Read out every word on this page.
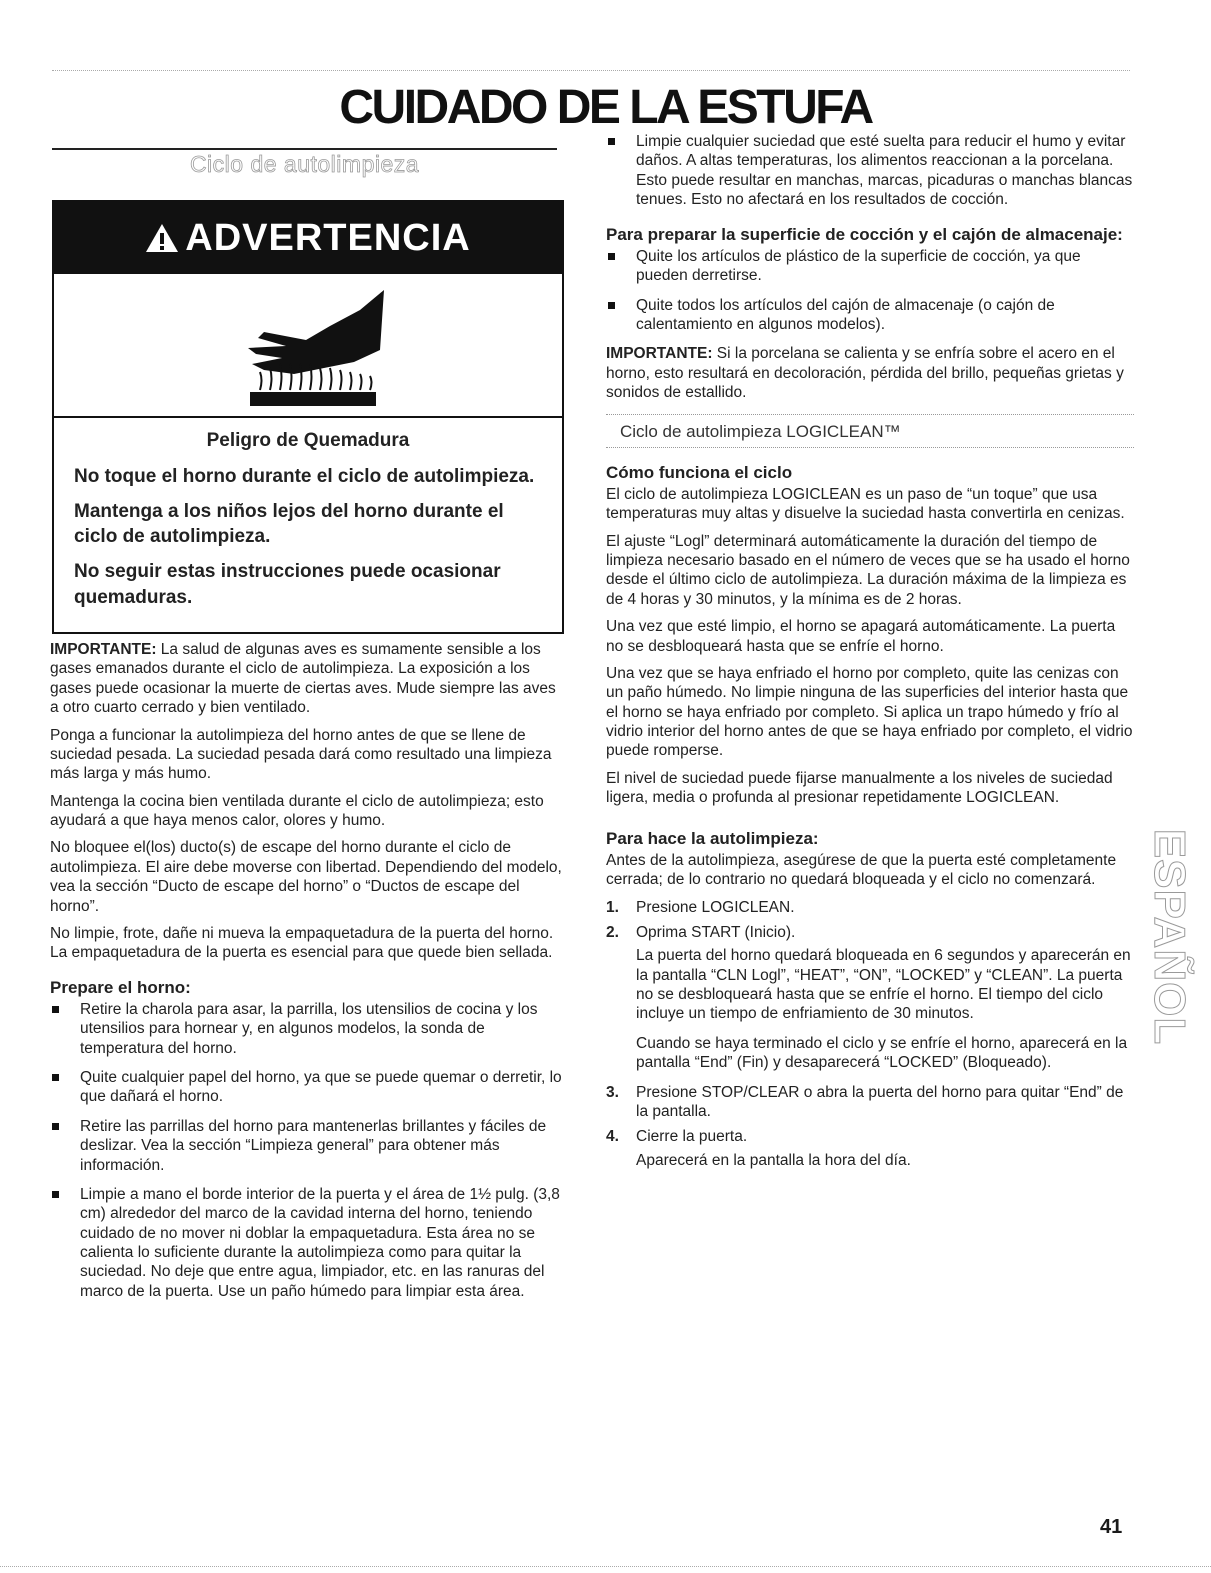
CUIDADO DE LA ESTUFA
Ciclo de autolimpieza
ADVERTENCIA
Peligro de Quemadura

No toque el horno durante el ciclo de autolimpieza.

Mantenga a los niños lejos del horno durante el ciclo de autolimpieza.

No seguir estas instrucciones puede ocasionar quemaduras.

IMPORTANTE: La salud de algunas aves es sumamente sensible a los gases emanados durante el ciclo de autolimpieza. La exposición a los gases puede ocasionar la muerte de ciertas aves. Mude siempre las aves a otro cuarto cerrado y bien ventilado.

Ponga a funcionar la autolimpieza del horno antes de que se llene de suciedad pesada. La suciedad pesada dará como resultado una limpieza más larga y más humo.

Mantenga la cocina bien ventilada durante el ciclo de autolimpieza; esto ayudará a que haya menos calor, olores y humo.

No bloquee el(los) ducto(s) de escape del horno durante el ciclo de autolimpieza. El aire debe moverse con libertad. Dependiendo del modelo, vea la sección “Ducto de escape del horno” o “Ductos de escape del horno”.

No limpie, frote, dañe ni mueva la empaquetadura de la puerta del horno. La empaquetadura de la puerta es esencial para que quede bien sellada.

Prepare el horno:
Retire la charola para asar, la parrilla, los utensilios de cocina y los utensilios para hornear y, en algunos modelos, la sonda de temperatura del horno.
Quite cualquier papel del horno, ya que se puede quemar o derretir, lo que dañará el horno.
Retire las parrillas del horno para mantenerlas brillantes y fáciles de deslizar. Vea la sección “Limpieza general” para obtener más información.
Limpie a mano el borde interior de la puerta y el área de 1½ pulg. (3,8 cm) alrededor del marco de la cavidad interna del horno, teniendo cuidado de no mover ni doblar la empaquetadura. Esta área no se calienta lo suficiente durante la autolimpieza como para quitar la suciedad. No deje que entre agua, limpiador, etc. en las ranuras del marco de la puerta. Use un paño húmedo para limpiar esta área.
Limpie cualquier suciedad que esté suelta para reducir el humo y evitar daños. A altas temperaturas, los alimentos reaccionan a la porcelana. Esto puede resultar en manchas, marcas, picaduras o manchas blancas tenues. Esto no afectará en los resultados de cocción.
Para preparar la superficie de cocción y el cajón de almacenaje:
Quite los artículos de plástico de la superficie de cocción, ya que pueden derretirse.
Quite todos los artículos del cajón de almacenaje (o cajón de calentamiento en algunos modelos).

IMPORTANTE: Si la porcelana se calienta y se enfría sobre el acero en el horno, esto resultará en decoloración, pérdida del brillo, pequeñas grietas y sonidos de estallido.

Ciclo de autolimpieza LOGICLEAN™
Cómo funciona el ciclo

El ciclo de autolimpieza LOGICLEAN es un paso de “un toque” que usa temperaturas muy altas y disuelve la suciedad hasta convertirla en cenizas.

El ajuste “Logl” determinará automáticamente la duración del tiempo de limpieza necesario basado en el número de veces que se ha usado el horno desde el último ciclo de autolimpieza. La duración máxima de la limpieza es de 4 horas y 30 minutos, y la mínima es de 2 horas.

Una vez que esté limpio, el horno se apagará automáticamente. La puerta no se desbloqueará hasta que se enfríe el horno.

Una vez que se haya enfriado el horno por completo, quite las cenizas con un paño húmedo. No limpie ninguna de las superficies del interior hasta que el horno se haya enfriado por completo. Si aplica un trapo húmedo y frío al vidrio interior del horno antes de que se haya enfriado por completo, el vidrio puede romperse.

El nivel de suciedad puede fijarse manualmente a los niveles de suciedad ligera, media o profunda al presionar repetidamente LOGICLEAN.

Para hace la autolimpieza:

Antes de la autolimpieza, asegúrese de que la puerta esté completamente cerrada; de lo contrario no quedará bloqueada y el ciclo no comenzará.

1. Presione LOGICLEAN.
2. Oprima START (Inicio).
La puerta del horno quedará bloqueada en 6 segundos y aparecerán en la pantalla “CLN Logl”, “HEAT”, “ON”, “LOCKED” y “CLEAN”. La puerta no se desbloqueará hasta que se enfríe el horno. El tiempo del ciclo incluye un tiempo de enfriamiento de 30 minutos.
Cuando se haya terminado el ciclo y se enfríe el horno, aparecerá en la pantalla “End” (Fin) y desaparecerá “LOCKED” (Bloqueado).
3. Presione STOP/CLEAR o abra la puerta del horno para quitar “End” de la pantalla.
4. Cierre la puerta.
Aparecerá en la pantalla la hora del día.
ESPAÑOL
41
